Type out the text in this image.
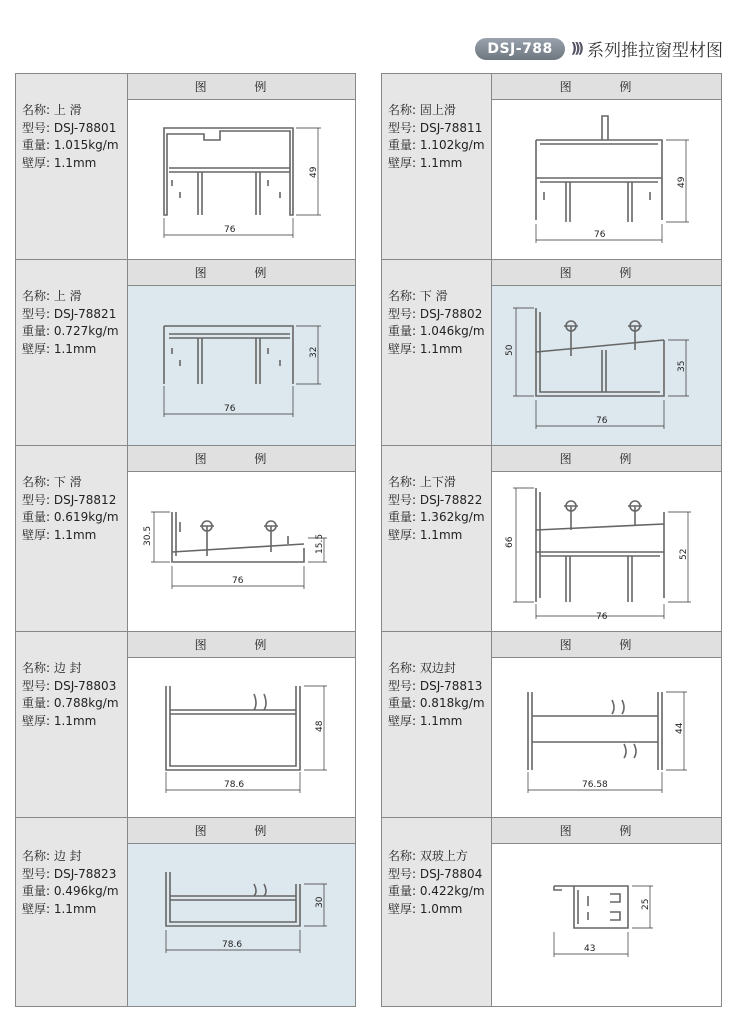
DSJ-788	))) 系列推拉窗型材图
名称: 上 滑
型号: DSJ-78801
重量: 1.015kg/m
壁厚: 1.1mm
图 例
76
49
名称: 上 滑
型号: DSJ-78821
重量: 0.727kg/m
壁厚: 1.1mm
图 例
76
32
名称: 下 滑
型号: DSJ-78812
重量: 0.619kg/m
壁厚: 1.1mm
图 例
76
30.5	15.5
名称: 边 封
型号: DSJ-78803
重量: 0.788kg/m
壁厚: 1.1mm
图 例
78.6
48
名称: 边 封
型号: DSJ-78823
重量: 0.496kg/m
壁厚: 1.1mm
图 例
78.6
30
名称: 固上滑
型号: DSJ-78811
重量: 1.102kg/m
壁厚: 1.1mm
图 例
76
49
名称: 下 滑
型号: DSJ-78802
重量: 1.046kg/m
壁厚: 1.1mm
图 例
76
50
35
名称: 上下滑
型号: DSJ-78822
重量: 1.362kg/m
壁厚: 1.1mm
图 例
76
66
52
名称: 双边封
型号: DSJ-78813
重量: 0.818kg/m
壁厚: 1.1mm
图 例
76.58
44
名称: 双玻上方
型号: DSJ-78804
重量: 0.422kg/m
壁厚: 1.0mm
图 例
43
25
